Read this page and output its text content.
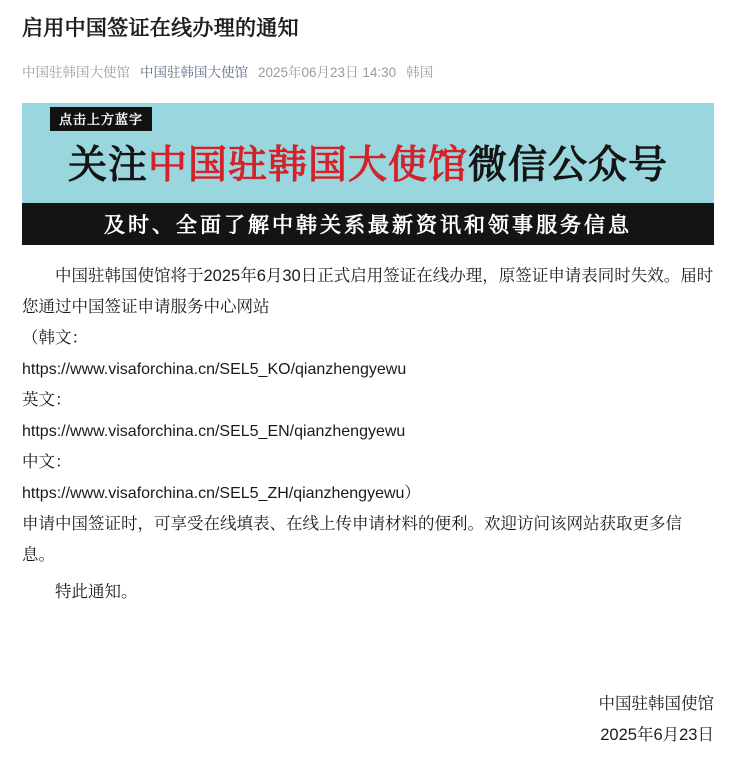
启用中国签证在线办理的通知
中国驻韩国大使馆 中国驻韩国大使馆 2025年06月23日 14:30 韩国
点击上方蓝字
关注 中国驻韩国大使馆 微信公众号
及时、全面了解中韩关系最新资讯和领事服务信息

中国驻韩国使馆将于2025年6月30日正式启用签证在线办理，原签证申请表同时失效。届时您通过中国签证申请服务中心网站

（韩文：

https://www.visaforchina.cn/SEL5_KO/qianzhengyewu

英文：

https://www.visaforchina.cn/SEL5_EN/qianzhengyewu

中文：

https://www.visaforchina.cn/SEL5_ZH/qianzhengyewu）

申请中国签证时，可享受在线填表、在线上传申请材料的便利。欢迎访问该网站获取更多信息。

特此通知。

中国驻韩国使馆
2025年6月23日
